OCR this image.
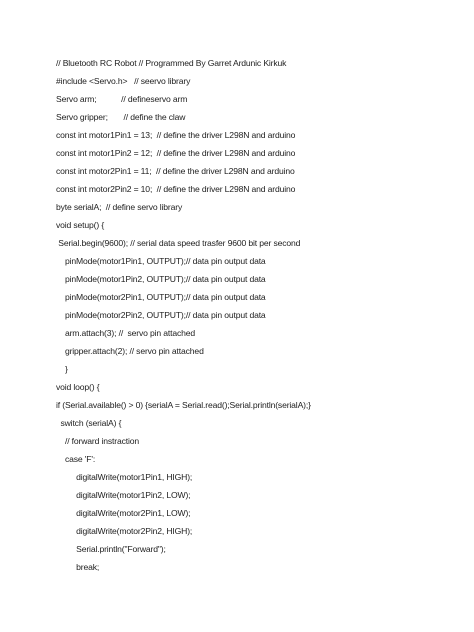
// Bluetooth RC Robot // Programmed By Garret Ardunic Kirkuk
#include <Servo.h>   // seervo library
Servo arm;           // defineservo arm
Servo gripper;       // define the claw
const int motor1Pin1 = 13;  // define the driver L298N and arduino
const int motor1Pin2 = 12;  // define the driver L298N and arduino
const int motor2Pin1 = 11;  // define the driver L298N and arduino
const int motor2Pin2 = 10;  // define the driver L298N and arduino
byte serialA;  // define servo library
void setup() {
Serial.begin(9600); // serial data speed trasfer 9600 bit per second
pinMode(motor1Pin1, OUTPUT);// data pin output data
pinMode(motor1Pin2, OUTPUT);// data pin output data
pinMode(motor2Pin1, OUTPUT);// data pin output data
pinMode(motor2Pin2, OUTPUT);// data pin output data
arm.attach(3); //  servo pin attached
gripper.attach(2); // servo pin attached
}
void loop() {
if (Serial.available() > 0) {serialA = Serial.read();Serial.println(serialA);}
switch (serialA) {
// forward instraction
case 'F':
digitalWrite(motor1Pin1, HIGH);
digitalWrite(motor1Pin2, LOW);
digitalWrite(motor2Pin1, LOW);
digitalWrite(motor2Pin2, HIGH);
Serial.println("Forward");
break;
